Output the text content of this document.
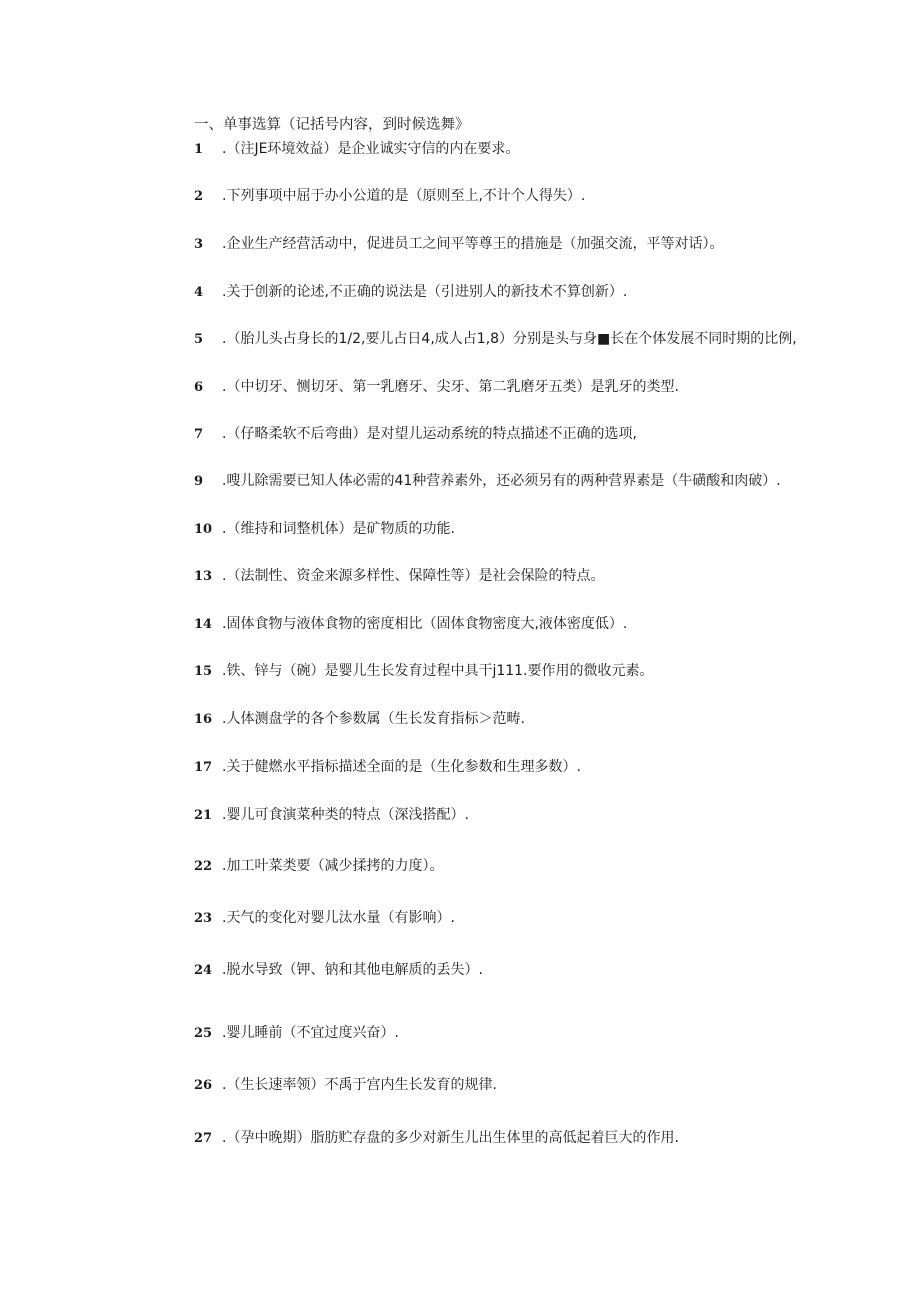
一、单事选算（记括号内容，到时候选舞》
1 .（注JE环境效益）是企业诚实守信的内在要求。
2 .下列事项中屈于办小公道的是（原则至上,不计个人得失）.
3 .企业生产经营活动中，促进员工之间平等尊王的措施是（加强交流，平等对话）。
4 .关于创新的论述,不正确的说法是（引进别人的新技术不算创新）.
5 .（胎儿头占身长的1/2,要儿占日4,成人占1,8）分别是头与身■长在个体发展不同时期的比例,
6 .（中切牙、恻切牙、第一乳磨牙、尖牙、第二乳磨牙五类）是乳牙的类型.
7 .（仔略柔软不后弯曲）是对望儿运动系统的特点描述不正确的选项,
9 .嗖儿除需要已知人体必需的41种营养素外，还必须另有的两种营界素是（牛磺酸和肉破）.
10 .（维持和词整机体）是矿物质的功能.
13 .（法制性、资金来源多样性、保障性等）是社会保险的特点。
14 .固体食物与液体食物的密度相比（固体食物密度大,液体密度低）.
15 .铁、锌与（碗）是婴儿生长发育过程中具干j111.要作用的微收元素。
16 .人体测盘学的各个参数属（生长发育指标＞范畴.
17 .关于健燃水平指标描述全面的是（生化参数和生理多数）.
21 .婴儿可食演菜种类的特点（深浅搭配）.
22 .加工叶菜类要（减少揉拷的力度）。
23 .天气的变化对婴儿汰水量（有影响）.
24 .脱水导致（钾、钠和其他电解质的丢失）.
25 .婴儿睡前（不宜过度兴奋）.
26 .（生长速率领）不禹于宫内生长发育的规律.
27 .（孕中晚期）脂肪贮存盘的多少对新生儿出生体里的高低起着巨大的作用.
